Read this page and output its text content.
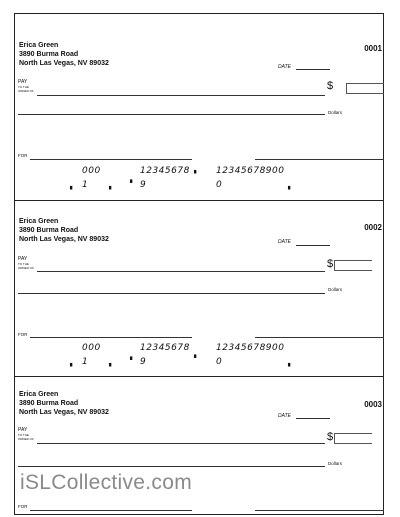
Erica Green
3890 Burma Road
North Las Vegas, NV 89032
0001
DATE
PAY
TO THE
ORDER OF	$
Dollars
FOR
000	12345678	12345678900
▖
▖ 1	▖	▘ 9	0	▖
Erica Green
3890 Burma Road
North Las Vegas, NV 89032
0002
DATE
PAY
TO THE
ORDER OF	$
Dollars
FOR
000	12345678	12345678900
▘
▖ 1	▖	▘ 9	0	▖
Erica Green
3890 Burma Road
North Las Vegas, NV 89032
0003
DATE
PAY
TO THE
ORDER OF	$
Dollars
FOR
iSLCollective.com
